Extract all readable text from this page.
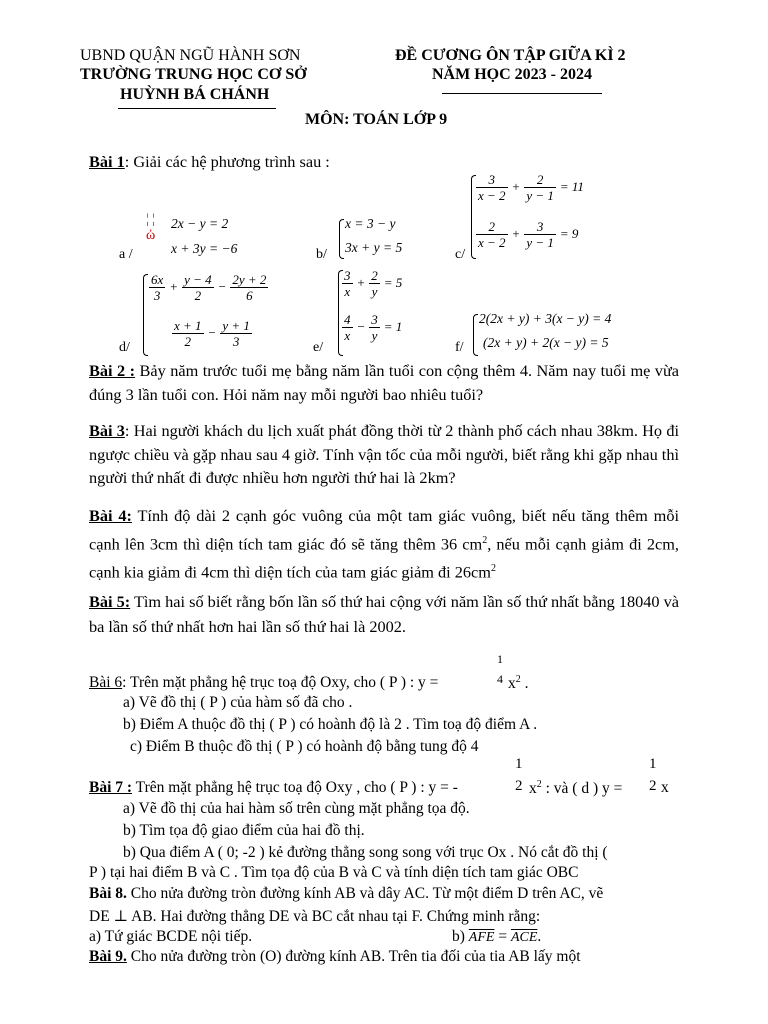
UBND QUẬN NGŨ HÀNH SƠN
TRƯỜNG TRUNG HỌC CƠ SỞ
HUỲNH BÁ CHÁNH
ĐỀ CƯƠNG ÔN TẬP GIỮA KÌ 2
NĂM HỌC 2023 - 2024
MÔN: TOÁN LỚP 9
Bài 1: Giải các hệ phương trình sau :
a /
¦ ¦
ὠ
2x − y = 2
x + 3y = −6	b/
x = 3 − y
3x + y = 5	c/
$\frac{3}{x - 2} + \frac{2}{y - 1} = 11$
$\frac{2}{x - 2} + \frac{3}{y - 1} = 9$
d/
$\frac{6x}{3} + \frac{y - 4}{2} - \frac{2y + 2}{6}$
$\frac{x + 1}{2} - \frac{y + 1}{3}$	e/
$\frac{3}{x} + \frac{2}{y} = 5$
$\frac{4}{x} - \frac{3}{y} = 1$
f/
2(2x + y) + 3(x − y) = 4
(2x + y) + 2(x − y) = 5
Bài 2 : Bảy năm trước tuổi mẹ bằng năm lần tuổi con cộng thêm 4. Năm nay tuổi mẹ vừa đúng 3 lần tuổi con. Hỏi năm nay mỗi người bao nhiêu tuổi?
Bài 3: Hai người khách du lịch xuất phát đồng thời từ 2 thành phố cách nhau 38km. Họ đi ngược chiều và gặp nhau sau 4 giờ. Tính vận tốc của mỗi người, biết rằng khi gặp nhau thì người thứ nhất đi được nhiều hơn người thứ hai là 2km?
Bài 4: Tính độ dài 2 cạnh góc vuông của một tam giác vuông, biết nếu tăng thêm mỗi cạnh lên 3cm thì diện tích tam giác đó sẽ tăng thêm 36 $cm^2$, nếu mỗi cạnh giảm đi 2cm, cạnh kia giảm đi 4cm thì diện tích của tam giác giảm đi $26cm^2$
Bài 5: Tìm hai số biết rằng bốn lần số thứ hai cộng với năm lần số thứ nhất bằng 18040 và ba lần số thứ nhất hơn hai lần số thứ hai là 2002.
Bài 6: Trên mặt phẳng hệ trục toạ độ Oxy, cho ( P ) : y =
1
4 $x^2$ .
a) Vẽ đồ thị ( P ) của hàm số đã cho .
b) Điểm A thuộc đồ thị ( P ) có hoành độ là 2 . Tìm toạ độ điểm A .
c) Điểm B thuộc đồ thị ( P ) có hoành độ bằng tung độ 4
Bài 7 : Trên mặt phẳng hệ trục toạ độ Oxy , cho ( P ) : y = -
1
2 $x^2$ : và ( d ) y =
1
2 x
a) Vẽ đồ thị của hai hàm số trên cùng mặt phẳng tọa độ.
b) Tìm tọa độ giao điểm của hai đồ thị.
b) Qua điểm A ( 0; -2 ) kẻ đường thẳng song song với trục Ox . Nó cắt đồ thị (
P ) tại hai điểm B và C . Tìm tọa độ của B và C và tính diện tích tam giác OBC
Bài 8. Cho nửa đường tròn đường kính AB và dây AC. Từ một điểm D trên AC, vẽ
DE ⊥ AB. Hai đường thẳng DE và BC cắt nhau tại F. Chứng minh rằng:
a) Tứ giác BCDE nội tiếp.	b) $\overline{AFE} = \overline{ACE}$.
Bài 9. Cho nửa đường tròn (O) đường kính AB. Trên tia đối của tia AB lấy một
